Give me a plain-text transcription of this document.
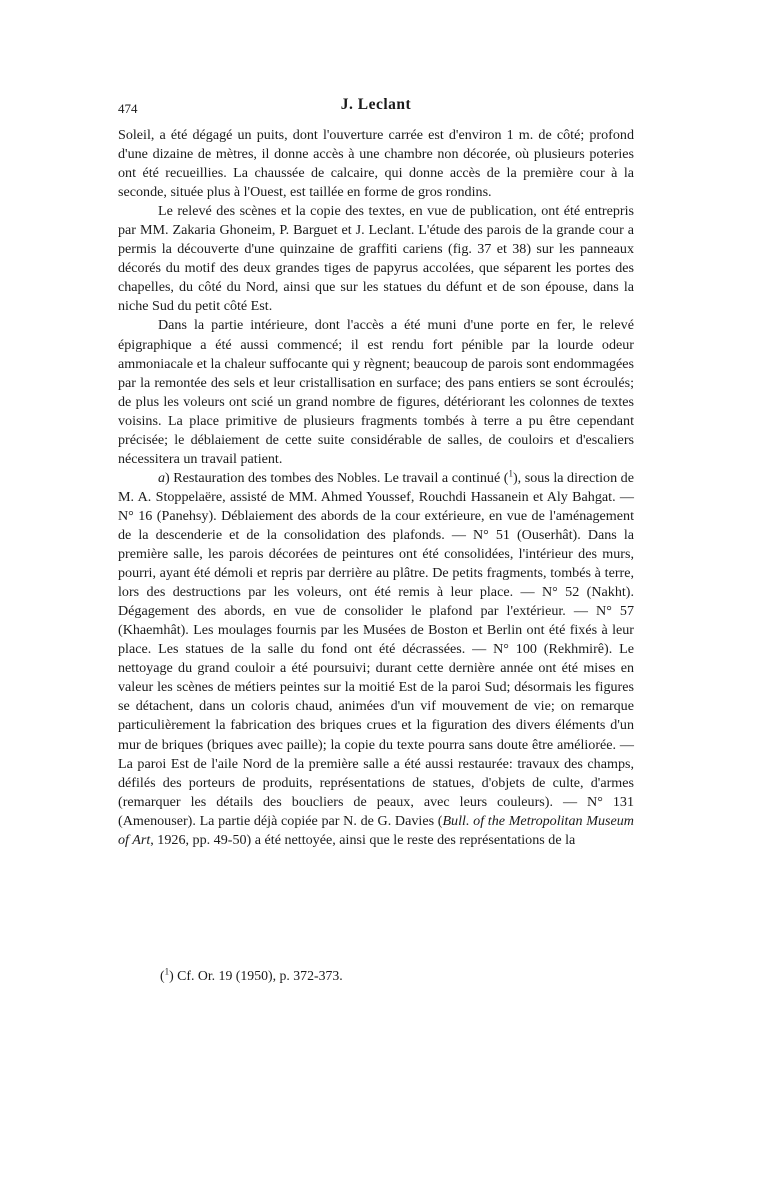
474	J. Leclant

Soleil, a été dégagé un puits, dont l'ouverture carrée est d'environ 1 m. de côté; profond d'une dizaine de mètres, il donne accès à une chambre non décorée, où plusieurs poteries ont été recueillies. La chaussée de calcaire, qui donne accès de la première cour à la seconde, située plus à l'Ouest, est taillée en forme de gros rondins.

Le relevé des scènes et la copie des textes, en vue de publication, ont été entrepris par MM. Zakaria Ghoneim, P. Barguet et J. Leclant. L'étude des parois de la grande cour a permis la découverte d'une quinzaine de graffiti cariens (fig. 37 et 38) sur les panneaux décorés du motif des deux grandes tiges de papyrus accolées, que séparent les portes des chapelles, du côté du Nord, ainsi que sur les statues du défunt et de son épouse, dans la niche Sud du petit côté Est.

Dans la partie intérieure, dont l'accès a été muni d'une porte en fer, le relevé épigraphique a été aussi commencé; il est rendu fort pénible par la lourde odeur ammoniacale et la chaleur suffocante qui y règnent; beaucoup de parois sont endommagées par la remontée des sels et leur cristallisation en surface; des pans entiers se sont écroulés; de plus les voleurs ont scié un grand nombre de figures, détériorant les colonnes de textes voisins. La place primitive de plusieurs fragments tombés à terre a pu être cependant précisée; le déblaiement de cette suite considérable de salles, de couloirs et d'escaliers nécessitera un travail patient.

a) Restauration des tombes des Nobles. Le travail a continué ($^1$), sous la direction de M. A. Stoppelaëre, assisté de MM. Ahmed Youssef, Rouchdi Hassanein et Aly Bahgat. — N° 16 (Panehsy). Déblaiement des abords de la cour extérieure, en vue de l'aménagement de la descenderie et de la consolidation des plafonds. — N° 51 (Ouserhât). Dans la première salle, les parois décorées de peintures ont été consolidées, l'intérieur des murs, pourri, ayant été démoli et repris par derrière au plâtre. De petits fragments, tombés à terre, lors des destructions par les voleurs, ont été remis à leur place. — N° 52 (Nakht). Dégagement des abords, en vue de consolider le plafond par l'extérieur. — N° 57 (Khaemhât). Les moulages fournis par les Musées de Boston et Berlin ont été fixés à leur place. Les statues de la salle du fond ont été décrassées. — N° 100 (Rekhmirê). Le nettoyage du grand couloir a été poursuivi; durant cette dernière année ont été mises en valeur les scènes de métiers peintes sur la moitié Est de la paroi Sud; désormais les figures se détachent, dans un coloris chaud, animées d'un vif mouvement de vie; on remarque particulièrement la fabrication des briques crues et la figuration des divers éléments d'un mur de briques (briques avec paille); la copie du texte pourra sans doute être améliorée. — La paroi Est de l'aile Nord de la première salle a été aussi restaurée: travaux des champs, défilés des porteurs de produits, représentations de statues, d'objets de culte, d'armes (remarquer les détails des boucliers de peaux, avec leurs couleurs). — N° 131 (Amenouser). La partie déjà copiée par N. de G. Davies (Bull. of the Metropolitan Museum of Art, 1926, pp. 49-50) a été nettoyée, ainsi que le reste des représentations de la

($^1$) Cf. Or. 19 (1950), p. 372-373.
